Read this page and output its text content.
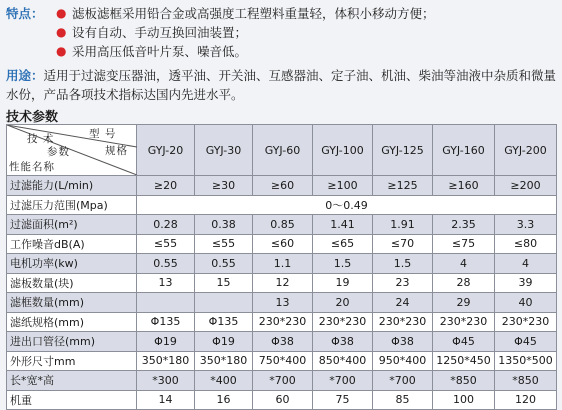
特点：	● 滤板滤框采用铅合金或高强度工程塑料重量轻，体积小移动方便；
● 设有自动、手动互换回油装置；
● 采用高压低音叶片泵、噪音低。
用途：适用于过滤变压器油，透平油、开关油、互感器油、定子油、机油、柴油等油液中杂质和微量水份，产品各项技术指标达国内先进水平。
技术参数
型 号
技 术
参数 规格
性能名称	GYJ-20	GYJ-30	GYJ-60	GYJ-100	GYJ-125	GYJ-160	GYJ-200
过滤能力(L/min)	≥20	≥30	≥60	≥100	≥125	≥160	≥200
过滤压力范围(Mpa)	0～0.49						
过滤面积(m²)	0.28	0.38	0.85	1.41	1.91	2.35	3.3
工作噪音dB(A)	≤55	≤55	≤60	≤65	≤70	≤75	≤80
电机功率(kw)	0.55	0.55	1.1	1.5	1.5	4	4
滤板数量(块)	13	15	12	19	23	28	39
滤框数量(mm)			13	20	24	29	40
滤纸规格(mm)	Φ135	Φ135	230*230	230*230	230*230	230*230	230*230
进出口管径(mm)	Φ19	Φ19	Φ38	Φ38	Φ38	Φ45	Φ45
外形尺寸mm	350*180	350*180	750*400	850*400	950*400	1250*450	1350*500
长*宽*高	*300	*400	*700	*700	*700	*850	*850
机重	14	16	60	75	85	100	120
